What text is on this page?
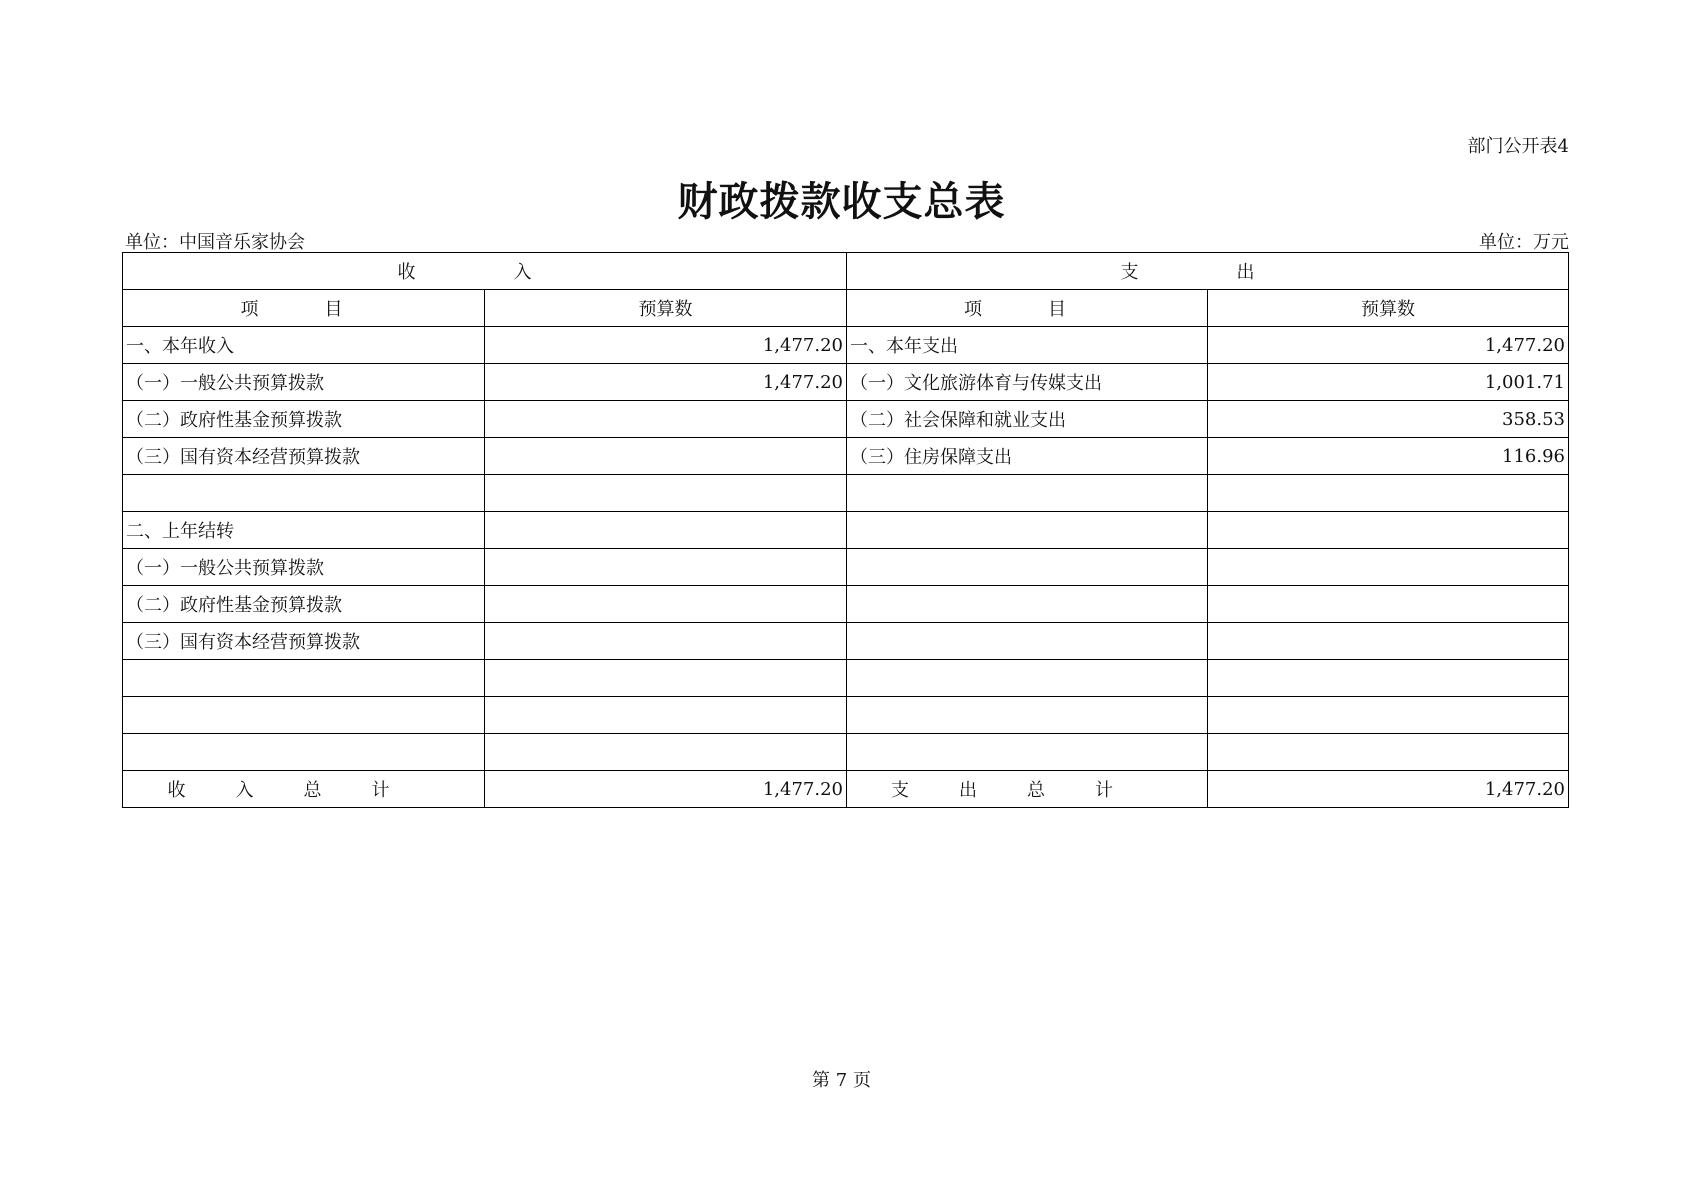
部门公开表4
财政拨款收支总表
单位：中国音乐家协会	单位：万元
收　入		支　出	
项　目	预算数	项　目	预算数
一、本年收入	1,477.20	一、本年支出	1,477.20
（一）一般公共预算拨款	1,477.20	（一）文化旅游体育与传媒支出	1,001.71
（二）政府性基金预算拨款		（二）社会保障和就业支出	358.53
（三）国有资本经营预算拨款		（三）住房保障支出	116.96

二、上年结转			
（一）一般公共预算拨款			
（二）政府性基金预算拨款			
（三）国有资本经营预算拨款			

收入总计	1,477.20	支出总计	1,477.20
第 7 页
